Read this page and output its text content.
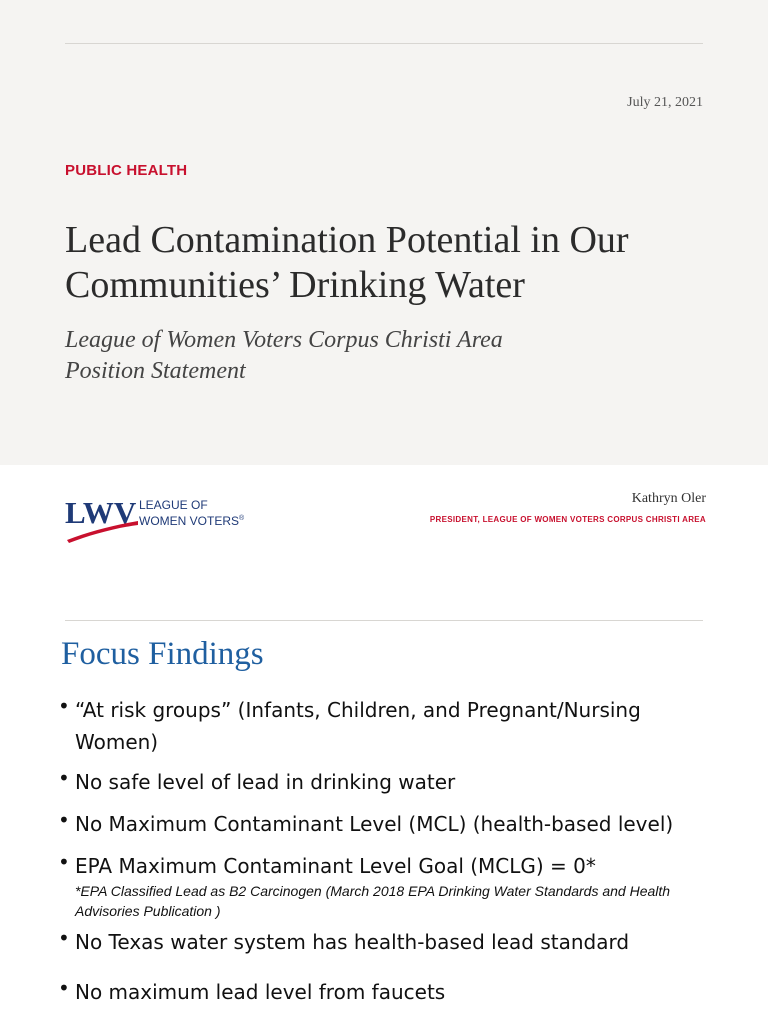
July 21, 2021
PUBLIC HEALTH
Lead Contamination Potential in Our Communities’ Drinking Water
League of Women Voters Corpus Christi Area
Position Statement
LWV LEAGUE OF
WOMEN VOTERS®
Kathryn Oler
PRESIDENT, LEAGUE OF WOMEN VOTERS CORPUS CHRISTI AREA
Focus Findings
• “At risk groups” (Infants, Children, and Pregnant/Nursing Women)
• No safe level of lead in drinking water
• No Maximum Contaminant Level (MCL) (health-based level)
• EPA Maximum Contaminant Level Goal (MCLG) = 0*
*EPA Classified Lead as B2 Carcinogen (March 2018 EPA Drinking Water Standards and Health Advisories Publication )
• No Texas water system has health-based lead standard
• No maximum lead level from faucets
